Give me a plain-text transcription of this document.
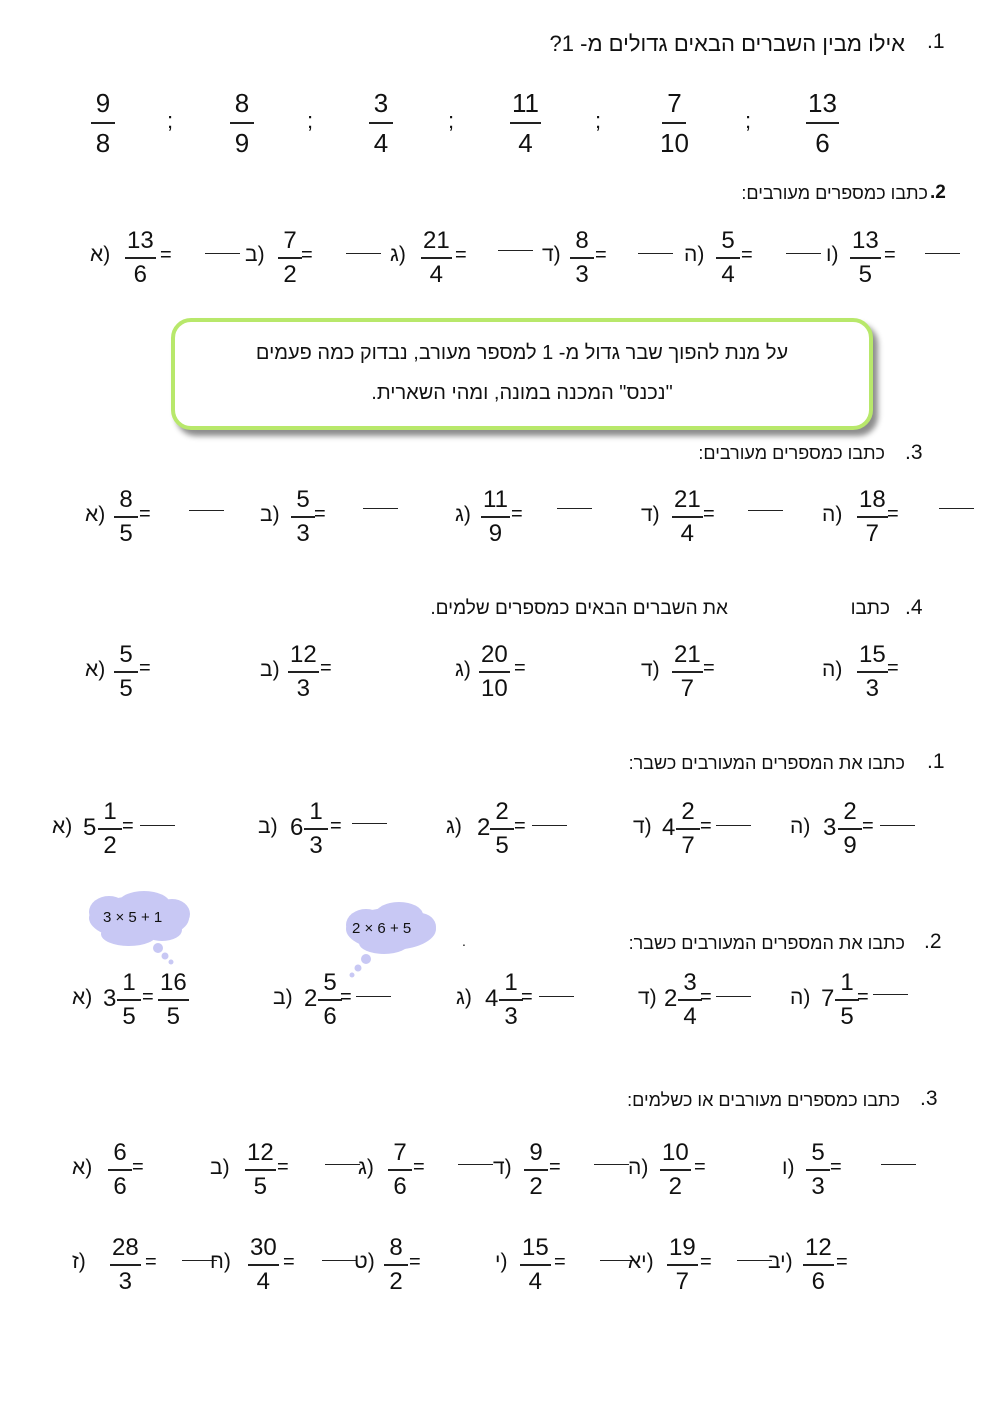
.1
אילו מבין השברים הבאים גדולים מ- 1?
$\frac{13}{6}$
;
$\frac{7}{10}$
;
$\frac{11}{4}$
;
$\frac{3}{4}$
;
$\frac{8}{9}$
;
$\frac{9}{8}$
.2
כתבו כמספרים מעורבים:
א) $\frac{13}{6}$ =	ב) $\frac{7}{2}$ =	ג) $\frac{21}{4}$ =	ד) $\frac{8}{3}$ =	ה) $\frac{5}{4}$ =	ו) $\frac{13}{5}$ =
על מנת להפוך שבר גדול מ- 1 למספר מעורב, נבדוק כמה פעמים
"נכנס" המכנה במונה, ומהי השארית.
.3
כתבו כמספרים מעורבים:
א) $\frac{8}{5}$ =	ב) $\frac{5}{3}$ =	ג) $\frac{11}{9}$ =	ד) $\frac{21}{4}$ =	ה) $\frac{18}{7}$ =
.4
כתבו
את השברים הבאים כמספרים שלמים.
א) $\frac{5}{5}$ =	ב) $\frac{12}{3}$ =	ג) $\frac{20}{10}$ =	ד) $\frac{21}{7}$ =	ה) $\frac{15}{3}$ =
.1
כתבו את המספרים המעורבים כשבר:
א) $5 \frac{1}{2}$ =	ב) $6 \frac{1}{3}$ =	ג) $2 \frac{2}{5}$ =	ד) $4 \frac{2}{7}$ =	ה) $3 \frac{2}{9}$ =
3 × 5 + 1
2 × 6 + 5
.	.2
כתבו את המספרים המעורבים כשבר:
א) $3 \frac{1}{5} = \frac{16}{5}$	ב) $2 \frac{5}{6}$
=	ג) $4 \frac{1}{3}$
=	ד) $2 \frac{3}{4}$
=	ה) $7 \frac{1}{5}$
=
.3
כתבו כמספרים מעורבים או כשלמים:
א) $\frac{6}{6}$ =	ב) $\frac{12}{5}$ =	ג) $\frac{7}{6}$ =	ד) $\frac{9}{2}$ =	ה) $\frac{10}{2}$ =	ו) $\frac{5}{3}$ =
ז) $\frac{28}{3}$ =	ח) $\frac{30}{4}$ =	ט) $\frac{8}{2}$ =	י) $\frac{15}{4}$ =	יא) $\frac{19}{7}$ =	יב) $\frac{12}{6}$ =
